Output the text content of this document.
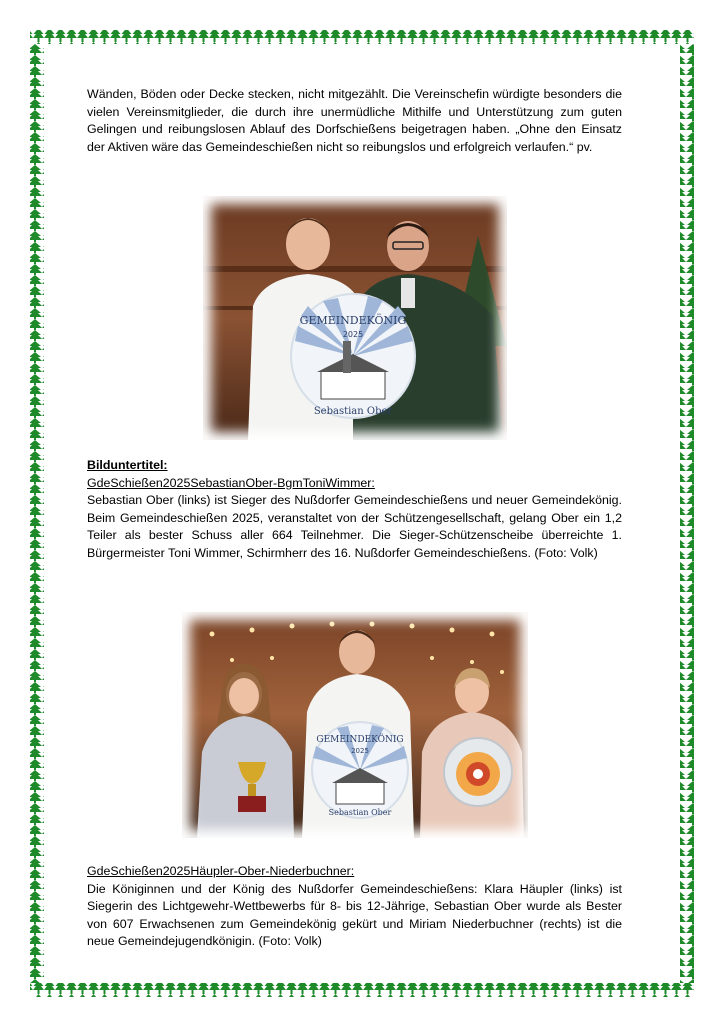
Wänden, Böden oder Decke stecken, nicht mitgezählt. Die Vereinschefin würdigte besonders die vielen Vereinsmitglieder, die durch ihre unermüdliche Mithilfe und Unterstützung zum guten Gelingen und reibungslosen Ablauf des Dorfschießens beigetragen haben. „Ohne den Einsatz der Aktiven wäre das Gemeindeschießen nicht so reibungslos und erfolgreich verlaufen.“ pv.

GEMEINDEKÖNIG
2025
Sebastian Ober

Bilduntertitel:

GdeSchießen2025SebastianOber-BgmToniWimmer:

Sebastian Ober (links) ist Sieger des Nußdorfer Gemeindeschießens und neuer Gemeindekönig. Beim Gemeindeschießen 2025, veranstaltet von der Schützengesellschaft, gelang Ober ein 1,2 Teiler als bester Schuss aller 664 Teilnehmer. Die Sieger-Schützenscheibe überreichte 1. Bürgermeister Toni Wimmer, Schirmherr des 16. Nußdorfer Gemeindeschießens. (Foto: Volk)

GEMEINDEKÖNIG
2025
Sebastian Ober

GdeSchießen2025Häupler-Ober-Niederbuchner:

Die Königinnen und der König des Nußdorfer Gemeindeschießens: Klara Häupler (links) ist Siegerin des Lichtgewehr-Wettbewerbs für 8- bis 12-Jährige, Sebastian Ober wurde als Bester von 607 Erwachsenen zum Gemeindekönig gekürt und Miriam Niederbuchner (rechts) ist die neue Gemeindejugendkönigin. (Foto: Volk)
